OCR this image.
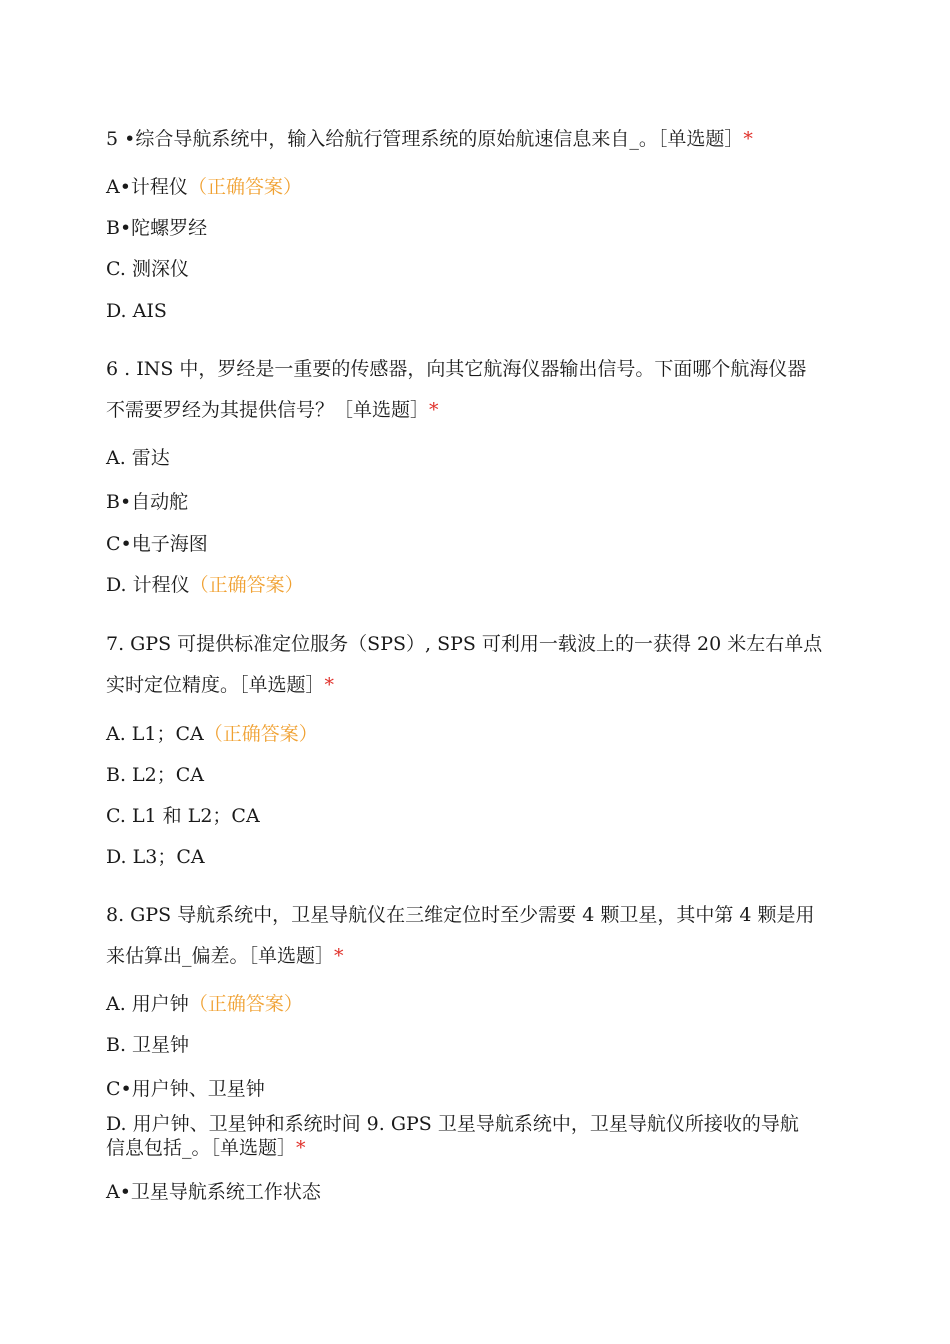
5 •综合导航系统中，输入给航行管理系统的原始航速信息来自_。［单选题］*
A•计程仪（正确答案）
B•陀螺罗经
C. 测深仪
D. AIS
6 . INS 中，罗经是一重要的传感器，向其它航海仪器输出信号。下面哪个航海仪器
不需要罗经为其提供信号？［单选题］*
A. 雷达
B•自动舵
C•电子海图
D. 计程仪（正确答案）
7. GPS 可提供标准定位服务（SPS）, SPS 可利用一载波上的一获得 20 米左右单点
实时定位精度。［单选题］*
A. L1；CA（正确答案）
B. L2；CA
C. L1 和 L2；CA
D. L3；CA
8. GPS 导航系统中，卫星导航仪在三维定位时至少需要 4 颗卫星，其中第 4 颗是用
来估算出_偏差。［单选题］*
A. 用户钟（正确答案）
B. 卫星钟
C•用户钟、卫星钟
D. 用户钟、卫星钟和系统时间 9. GPS 卫星导航系统中，卫星导航仪所接收的导航
信息包括_。［单选题］*
A•卫星导航系统工作状态
